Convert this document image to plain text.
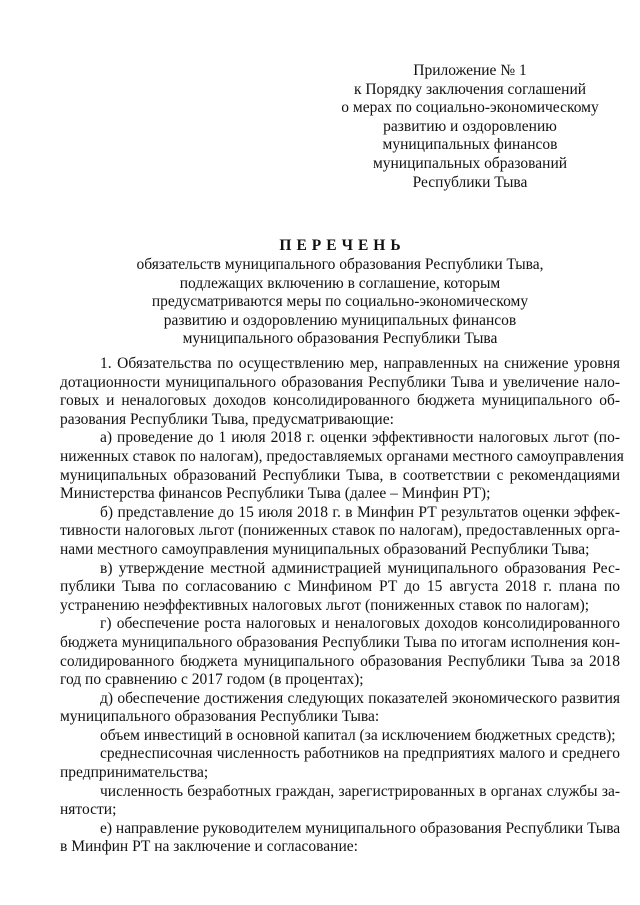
Приложение № 1
к Порядку заключения соглашений
о мерах по социально-экономическому
развитию и оздоровлению
муниципальных финансов
муниципальных образований
Республики Тыва
ПЕРЕЧЕНЬ
обязательств муниципального образования Республики Тыва,
подлежащих включению в соглашение, которым
предусматриваются меры по социально-экономическому
развитию и оздоровлению муниципальных финансов
муниципального образования Республики Тыва
1. Обязательства по осуществлению мер, направленных на снижение уровня
дотационности муниципального образования Республики Тыва и увеличение нало-
говых и неналоговых доходов консолидированного бюджета муниципального об-
разования Республики Тыва, предусматривающие:
а) проведение до 1 июля 2018 г. оценки эффективности налоговых льгот (по-
ниженных ставок по налогам), предоставляемых органами местного самоуправления
муниципальных образований Республики Тыва, в соответствии с рекомендациями
Министерства финансов Республики Тыва (далее – Минфин РТ);
б) представление до 15 июля 2018 г. в Минфин РТ результатов оценки эффек-
тивности налоговых льгот (пониженных ставок по налогам), предоставленных орга-
нами местного самоуправления муниципальных образований Республики Тыва;
в) утверждение местной администрацией муниципального образования Рес-
публики Тыва по согласованию с Минфином РТ до 15 августа 2018 г. плана по
устранению неэффективных налоговых льгот (пониженных ставок по налогам);
г) обеспечение роста налоговых и неналоговых доходов консолидированного
бюджета муниципального образования Республики Тыва по итогам исполнения кон-
солидированного бюджета муниципального образования Республики Тыва за 2018
год по сравнению с 2017 годом (в процентах);
д) обеспечение достижения следующих показателей экономического развития
муниципального образования Республики Тыва:
объем инвестиций в основной капитал (за исключением бюджетных средств);
среднесписочная численность работников на предприятиях малого и среднего
предпринимательства;
численность безработных граждан, зарегистрированных в органах службы за-
нятости;
е) направление руководителем муниципального образования Республики Тыва
в Минфин РТ на заключение и согласование:
